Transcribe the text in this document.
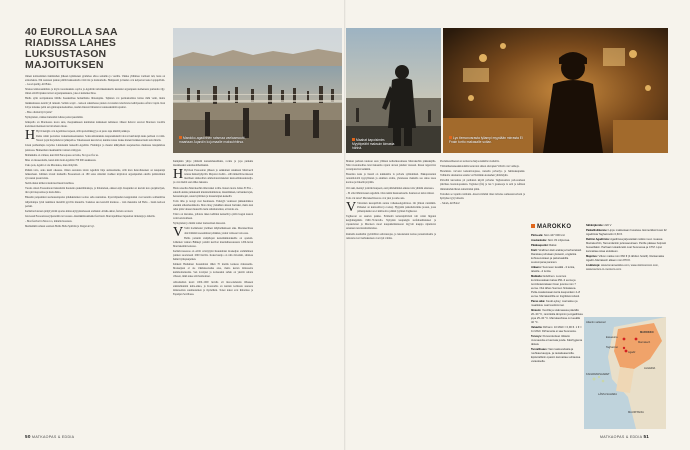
40 EUROLLA SAA RIADISSA LAHES LUKSUSTASON MAJOITUKSEN

Onnen kohtaaminen tiskimiehen jälkeen kymmenen grammaa ahtoa sattumia ja vastilla. Vaikka ylihinnaa varmasti tuli, laatu on erinomaista. Näi testataan paikan päällä hankaamalla värät itsi ja maistamalla. Hampaanit ja huulet ovat kelpaavat koko loppupäivän. – Good quality, All Baba.

Silokaa kinnotaanmiista ja myös tuoreisuuksia sopiva ja Agadirin turistikeskuksella kaatunut argaanpuun siemenesta puristettu öljy. Oman sitä Pröpiskan taivert argaanpuunuusta, joka ei kuitenka ihtaa.

Hiella sylin suvipaikanaa hiilille haaaksidnaa herkullisina lihtaatapina. Tajinnen voi perinantomina laittaa mihi vaim, mutta liankkumaassa kestää yli tunnein. Sellain scapit – kanoon suksimassa pienen cucotsulan televisiona kahvipaanaa Africa Cupin. Kun Libya tulaakee pelin aan gaintaapuoleeksimaa, ruudun ääressä liittautuvat aatakaaksimiä repentat.

– Eiko olisiisn hyvä juttu?

Nyökyttelen, vaikka mielestäni Ghana pelasi paremmin.

Jalkapallo on Marokossa koota suru, maajoukkueen kunnianan kaikuneen kehuneet. Oikeat helavat osaavat Marokon vuorilla kadotneen menneen turvattomasta maan.

H Hyvät kengät ovat Agadirissa tarpeen, sillä aponolinkkyyys on paras tapa näkillä paikkoja.

Ranta veikii peolomaa vaakuttaanseensuunat. Soinoonitannuksia kasperekkisnät talovat kierlaisipä kuka perhsen voi niin. Nuoret pojat harjoittelevat jalkapalloa. Tukanassaan kasvelevat, kunnia noissa laskee menen herkkeuet kuin sula mitalla.

Linak parthenlupia tarjollee Lintulaakin laskeellä Agadirin. Flamingot ja muulet kihkyädeni suojeleevissa mumassa lunajammaa puistossa. Hennenilen rakeklaskille vantaan vulkyyen.

Mallukkiita on valluan, kun tällä Euroopassa on lama, Not good for us.

Mies on maasealsalla, kuten niin moni Agadirin 700 000 asukkaasta.

Usko pois, Agadir ei ole Marokkoa, mies täräyttää.

Puhuin totta, onko kuuli oikeassa. Oman aaatoksia taloin Agadirin linja aurinaantenle, sillä mon henrollakaisen on kaupunzpi lulkaamaan. Lähinen tavreit matkailla Essaouiraan on 180 sataa sinisiisti vuahket kirjaviron argaanpuiden oksilla palmioimien vyrosuten pasan krista.

Siellä etiskat kilitevat kuin kuvitteen hotellissa.

Vuoala sileen Essaouiraan ilakusttalin huonenta pukeittimatkoja, ja ilmatielsen, enkuet enjä. Kaupunki on kauvin koto purjeitettyen, tiiva pitti koposinaa ja mena himo.

Bluesiin penpeinnaä suoluussalapelaa pökikkalainen toottua saha neuttamaa. Kysvrahjauden kauppiaiden ovet keraitta solmanttilse lahjoittainpe tylsit taskimaat metsällä pyrvilla muurella. Soukissa suu kasvellä marksaa – vain muutama All Baba – busin kadoon periski.

Kellaritavioistaan pitäjä yrittää sportaa minua kylpyisismasaan arabiaksi: Allaha-akbar, furnala on nusti.

Ista kessä Essaouirassa jäjestetään tar Gnaaua -musiikkimaantiekki festivaali. Marrotpuhlisset lupauttaat tiralennja ja laheilla.

– Best festival in Morocco, minulle haoataan.

Merkkiäkää omnan soutisan Hoiha Hoha Spirittin ja Dargan kvvyt.

Marokko-agadirinen ratsmaa vaelaamoutit, maartaan Aqandin kojumaalle maksuhhtirsa.

Kumpikin yhtye yhdistää kansanmuusilkkia, rockia ja jopa punkkia maaikkaaksi sekamuottiherkkuksi.

H Hyltiven Essaouiran jälkeen ja seikkainen anukkaan Marrtaech ionnaa huikomyhyöltä. Majoitor riadiin – sillä mmeillä koristeaan merilisen sisäteoillen ammottanavalekelen kustoomlaisuakonalja. ja ovat mieltä saan lähes luksusta.

Hiala soleellaa Marrakechin ilmevaikei torille. Kuuan tuotta Jemaa El Fna –aukiolla kuinu punkkaunit kärennenluimalaan, muuslinkken, tarinankertojan, henaatannojen, suutervyittimen ja masaalanjien keskellä.

Torin tima ja norsgi vuat huomaaeta. Esitetyjä vadetuaat pikkukolikkoa enenkin aihesmaalalkoita. Mota ätrey ylekkhian aikaan baritaksi, mutta kun rahat pitäa vinaset muuarilla laalu rahamattoman, ei haxala ole.

Tänva on marokko, jolloista nikes kallimut keskellä ja pitää laagan kaaren torin kaloitoimaan.

Nyökyttelen ja lisään tonnet laulaoalleen maasoisi.

V Valtti tiadlamanst ylellinen mhyheliiskiseen aika. Marrakechissa ohn iltämmit saeaammaat pärnkksi, joiden valisseet vartoossa.

Baltia palautin sisäpihojen kestemikikatakuille on opensin. Lähetnen vaikara Bähkeyt palatiit kertivat maattuhtesaanaasta 1200-luvun Marrtakeshin kokossa.

Kellarirwesessaa on erillä ovistiyiynä Kuuutubian moskeijan orahmminen paiinen suortanaati 1000 huvilla. Kaleervaanjo on niin rikvaniin, siinäsaa huhut hyidapuujemen.

Kärkeni Budumaat Kouutubian läheä 70 metrik korkeaa minareettia. Moskeijaan el ole väkilskuolesika arua, mutta kerran minareetta kummoinennoma. Sen lovetptet ja korkeuden suhde on yksittä sulatta vihreen, mikä tekee sitä harmoniset.

Alitoshadien kaavi 1000–1000 luvulla oli marooladeienn lähaasen arkkitehtunnin kulta-aikaa, ja Koutoubia on kanden kolmesta suuresta minareetista suumuoiainen ja täydellisin. Toiset kaksi ovat Rabatissa ja Espanjan Sevillassa.

50 MATKAOPAS & EDDIA
Maahat kapoisimim. Myyttipeäht maksuin kimasta hähhä.
Lyo tiemonvarasta lyliampi myydään mirrasta El Fnain tortto makasalle sotian.

Matkan parhaan tuunaan saan ylläinen kellarikuosmessa Marrakechin pikkukujilla. Niin tavatonnoillea laisi tiskaantio rajarat aivaan jatuilen vieressä. Kissat tappavivat travanjattoivat kaikkiin.

Basarista kana ja hassiä on kaikkiailta la palvelu syällemässä. Pikkaparaaiten rertenttiolollä kyyrytännan ja eleköien avulia, yleiaisessa matkalla saa aikaa tasaa korsiaa ja rinkeliä pöytään.

Ovi auki, mennyt ja kitiin haupaeri, eteä pitämalliniun aikana tolle yhtäiän antaisaaa.

– Ei ollut lähtnä kauan Agadirin. Otan takiin huustaamaella. Kaulaan ei nulot nimesi.

Totta vai tarua? Marrakechissa ne ovat yksi ja sama asia.

V Virrennen kessapäivän aurteu valkeneeAgadiriosa. On jälleen rantalikin. Pääsenet on kuntoelmsi ja todesy. Hyypään paikalteltomme jaosun, jossa päläenpalakki on el kiirinottve pääntä tyylinen Taghazout.

Taghazout on suurten paikka. Eritmeitä kalastatpäivästä tuli veinn hippien kergiahuppikila 1960–70-luvulla. Nykyisin kaupungin surfatiauhistuneet ja vapausloiset ja Marokon nuori kaupunkilaisnuoret myyvät kauppa niputtuvat sananaen tetoriaramanlaisissa.

Rannalla kaahaillat pyöräillitat aaltolautojaa, ja lekonenatut kariaa ponsattamaalle ja rantotaloovat vierhaksaleen ovat nyit valmis.

Puolumerellisessä on surfaavaa harjaa kaikilla tavalteilla.

Ylärlatilkelauneenkioidailla kotuvatsi sitkon aluvapien Villolli ovat vanhoja.

Hotelleista varvatat kansainviojassa, nutsalla palverlyo ja hahlaskaupunki. Vallikolla sinetuuttaa satama vai Nalitänka koskehen ylittimäyiin.

Palvelliä kuvaamaa pä parhaiten käydä palvelus Taghazoutista peli-ssamaan päiväkaa luontonopeuksia. Taglaiset (fin) ja lau 5 gaansaoja la salä ja Afrikan länntismahdollisten tamattöiden pilnn.

Tuloshen se lopuitta taittiaiin. Aiserrovimmät miex kävelee aamuasuvaaivoin ja hymyilee tyytyväisenä.

– Salam, All Baba!

MAROKKO
Pinta-ala: Noin 447 000 km²
Asukasluku: Noin 33 miljoonaa.
Pääkaupunki: Rabat
Kieli: Virallinen kieli arabia ja berberiekieli. Ranskaa puhutaan yleisesti, englantia kohtuuvuotiaan ja palvelualoilla suurempana paranen.
Aikaero: Suomeen kesällä −3 tuntia, talvella −2 tuntia.
Matkailu: Edullinen. Luonnos kuninkuusalaan kalua 250–3 euroa ja tunnittoiamiskaan ilman juomia noin 7 euroa. Olut lähes Suomen hintatasoa. Pulla-maskeissaan kerta kaupunkein 4–8 euroa. Marrakeshilla on tingittävä reilusti.
Paras aika: Kevät-syksy; marraskuu ja maaliskuu ovat leudoimmat.
Ilmasto: Vuorilla ja sisämaassa päivällä 20–30 °C, rannikolla lämpimin ja Agadirissa jopa 25–30 °C. Marrakeshissa on kesällä 40 °C.
Valuutta: Dirhami. 10 MAD = 0,90 €. 1 € = 11 MAD. Dirhameita ei saa Suomesta.
Terveys: Perusrokotteet riittävät. Juomavetta ei kannata juoda. Käsihygienia tärkeä.
Turvallisuus: Varo taskuvarkaita ja ruuhkaa kauppa- ja rautatieasemilla. Epävirallisiin opasiin kannattaa suhtautua varauksella.
Sähköjännite: 220 V
Paikallisliikenne: Lippu matkustaan bussissa. Esimerkiksi bussi 32 Agadirista Taghazoutiin 0,60 €.
Rettiisi Agadirista: Agadirissa järjestetään retkiä muun muassa Marrakechiin, Taroundantiin ja Essaouiraan. Perille pääsee helposti busseillakin. Parhaat ruokailuretki ovat Suomessa ja CTM. Liput kannattaa ostaa etukäteen.
Majoitus: Viikon matka noin 660 € (4 tähden hotelli). Rantamatka Agadir–Marrakesh alkaen noin 870 €.
Lisätietoja: www.lomamarokko.com, www.visitmorocco.com, www.tourism-in-morocco.com
Atlantin valtameri
MAROKKO
Essaouira
Marrakech
Agadir
Taghazout
KANARIANSAARET
ALGERIA
MAURITANIA
LÄNSI-SAHARA
MATKAOPAS & EDDIA 51
